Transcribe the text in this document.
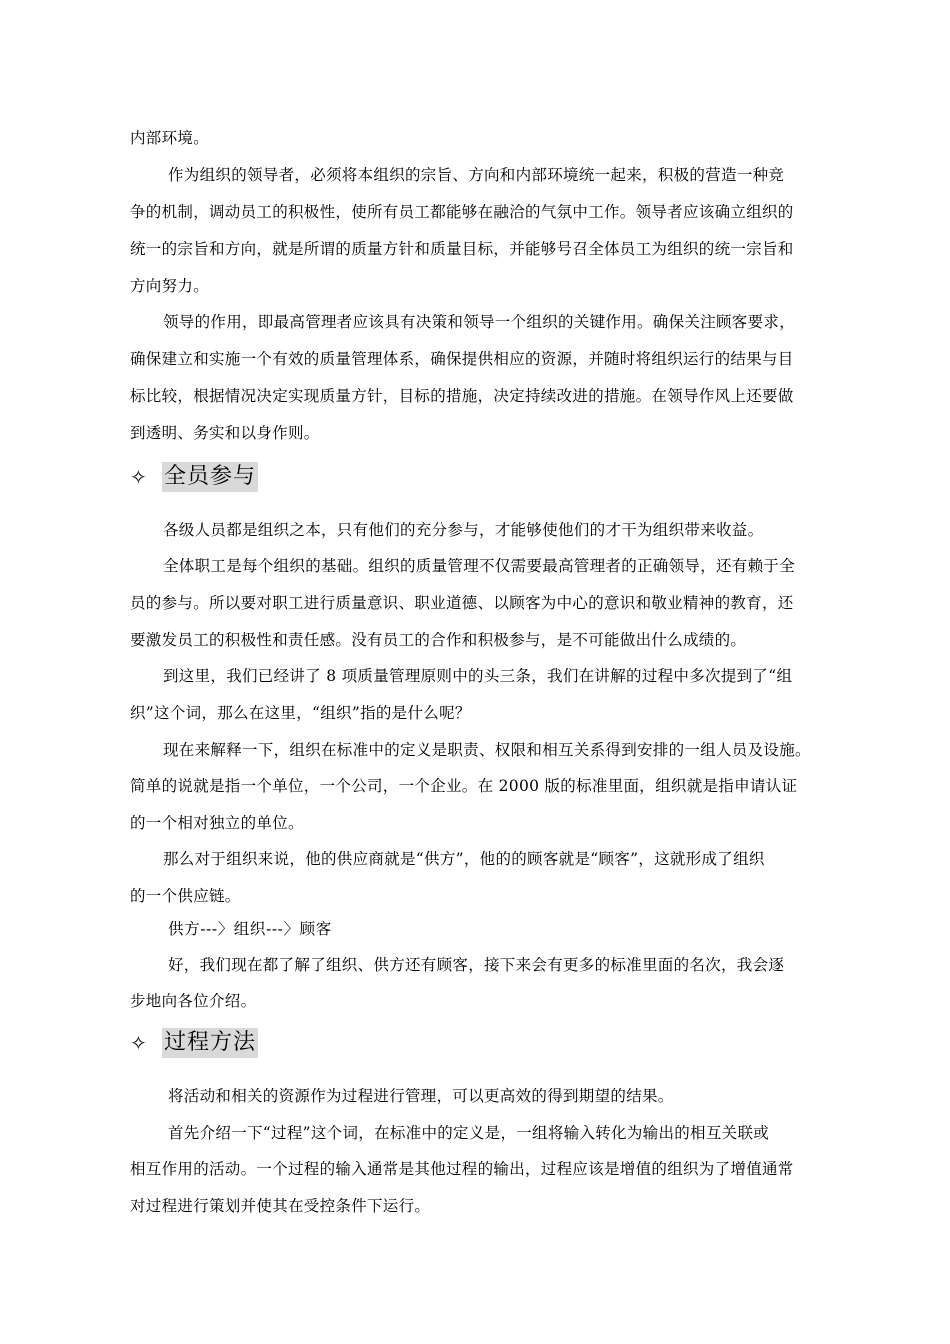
内部环境。
作为组织的领导者，必须将本组织的宗旨、方向和内部环境统一起来，积极的营造一种竞
争的机制，调动员工的积极性，使所有员工都能够在融洽的气氛中工作。领导者应该确立组织的
统一的宗旨和方向，就是所谓的质量方针和质量目标，并能够号召全体员工为组织的统一宗旨和
方向努力。
领导的作用，即最高管理者应该具有决策和领导一个组织的关键作用。确保关注顾客要求，
确保建立和实施一个有效的质量管理体系，确保提供相应的资源，并随时将组织运行的结果与目
标比较，根据情况决定实现质量方针，目标的措施，决定持续改进的措施。在领导作风上还要做
到透明、务实和以身作则。
✧ 全员参与
各级人员都是组织之本，只有他们的充分参与，才能够使他们的才干为组织带来收益。
全体职工是每个组织的基础。组织的质量管理不仅需要最高管理者的正确领导，还有赖于全
员的参与。所以要对职工进行质量意识、职业道德、以顾客为中心的意识和敬业精神的教育，还
要激发员工的积极性和责任感。没有员工的合作和积极参与，是不可能做出什么成绩的。
到这里，我们已经讲了 8 项质量管理原则中的头三条，我们在讲解的过程中多次提到了“组
织”这个词，那么在这里，“组织”指的是什么呢？
现在来解释一下，组织在标准中的定义是职责、权限和相互关系得到安排的一组人员及设施。
简单的说就是指一个单位，一个公司，一个企业。在 2000 版的标准里面，组织就是指申请认证
的一个相对独立的单位。
那么对于组织来说，他的供应商就是“供方”，他的的顾客就是“顾客”，这就形成了组织
的一个供应链。
供方---〉组织---〉顾客
好，我们现在都了解了组织、供方还有顾客，接下来会有更多的标准里面的名次，我会逐
步地向各位介绍。
✧ 过程方法
将活动和相关的资源作为过程进行管理，可以更高效的得到期望的结果。
首先介绍一下“过程”这个词，在标准中的定义是，一组将输入转化为输出的相互关联或
相互作用的活动。一个过程的输入通常是其他过程的输出，过程应该是增值的组织为了增值通常
对过程进行策划并使其在受控条件下运行。
